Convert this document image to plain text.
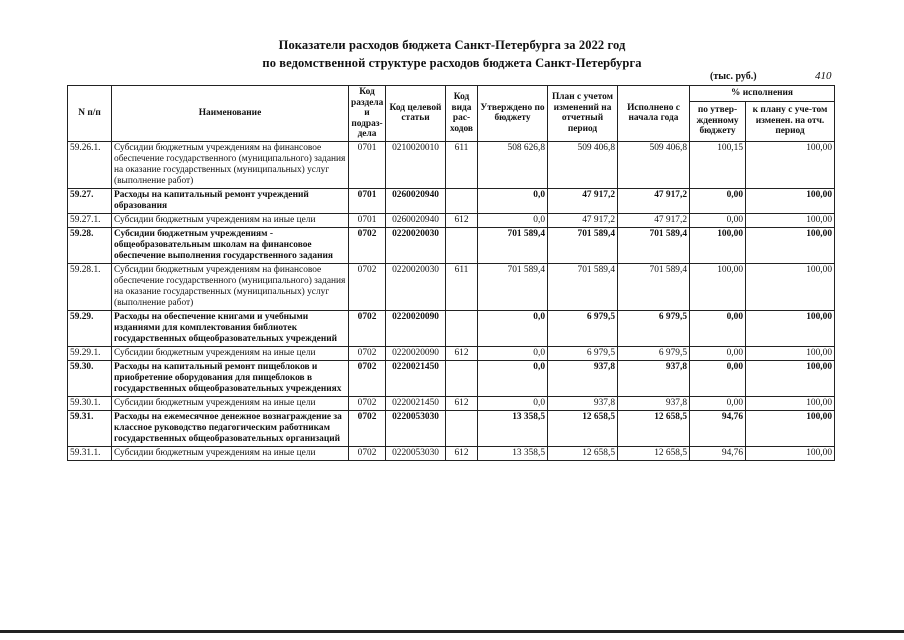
Показатели расходов бюджета Санкт-Петербурга за 2022 год
по ведомственной структуре расходов бюджета Санкт-Петербурга
(тыс. руб.)	410
N п/п	Наименование	Код раздела и подраз-дела	Код целевой статьи	Код вида рас-ходов	Утверждено по бюджету	План с учетом изменений на отчетный период	Исполнено с начала года	% исполнения	
								по утвер-жденному бюджету	к плану с уче-том изменен. на отч. период
59.26.1.	Субсидии бюджетным учреждениям на финансовое обеспечение государственного (муниципального) задания на оказание государственных (муниципальных) услуг (выполнение работ)	0701	0210020010	611	508 626,8	509 406,8	509 406,8	100,15	100,00
59.27.	Расходы на капитальный ремонт учреждений образования	0701	0260020940		0,0	47 917,2	47 917,2	0,00	100,00
59.27.1.	Субсидии бюджетным учреждениям на иные цели	0701	0260020940	612	0,0	47 917,2	47 917,2	0,00	100,00
59.28.	Субсидии бюджетным учреждениям - общеобразовательным школам на финансовое обеспечение выполнения государственного задания	0702	0220020030		701 589,4	701 589,4	701 589,4	100,00	100,00
59.28.1.	Субсидии бюджетным учреждениям на финансовое обеспечение государственного (муниципального) задания на оказание государственных (муниципальных) услуг (выполнение работ)	0702	0220020030	611	701 589,4	701 589,4	701 589,4	100,00	100,00
59.29.	Расходы на обеспечение книгами и учебными изданиями для комплектования библиотек государственных общеобразовательных учреждений	0702	0220020090		0,0	6 979,5	6 979,5	0,00	100,00
59.29.1.	Субсидии бюджетным учреждениям на иные цели	0702	0220020090	612	0,0	6 979,5	6 979,5	0,00	100,00
59.30.	Расходы на капитальный ремонт пищеблоков и приобретение оборудования для пищеблоков в государственных общеобразовательных учреждениях	0702	0220021450		0,0	937,8	937,8	0,00	100,00
59.30.1.	Субсидии бюджетным учреждениям на иные цели	0702	0220021450	612	0,0	937,8	937,8	0,00	100,00
59.31.	Расходы на ежемесячное денежное вознаграждение за классное руководство педагогическим работникам государственных общеобразовательных организаций	0702	0220053030		13 358,5	12 658,5	12 658,5	94,76	100,00
59.31.1.	Субсидии бюджетным учреждениям на иные цели	0702	0220053030	612	13 358,5	12 658,5	12 658,5	94,76	100,00
